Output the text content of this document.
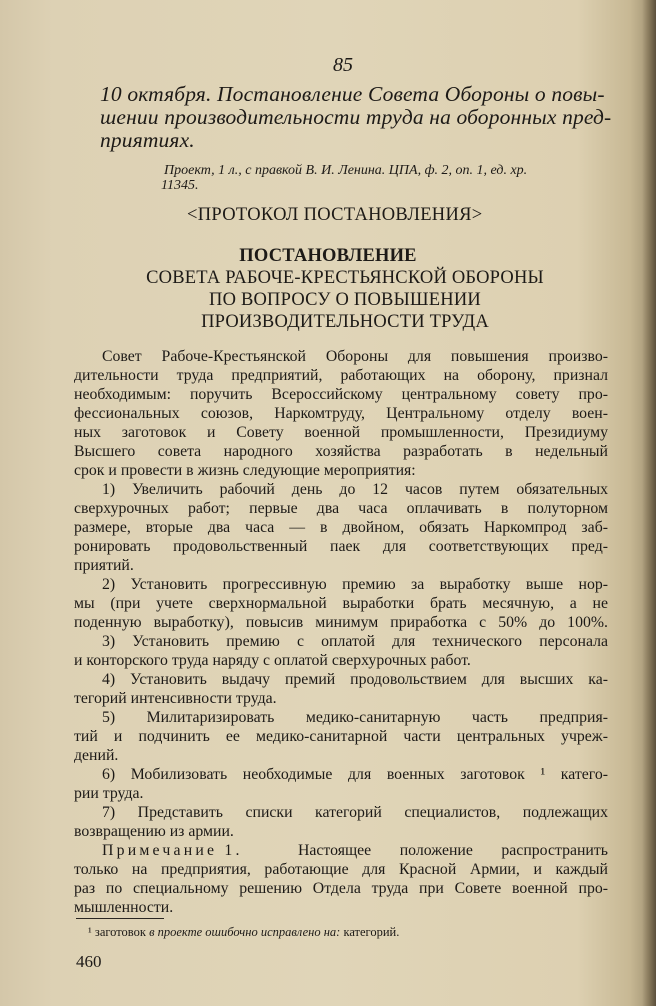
85
10 октября. Постановление Совета Обороны о повы-
шении производительности труда на оборонных пред-
приятиях.
Проект, 1 л., с правкой В. И. Ленина. ЦПА, ф. 2, оп. 1, ед. хр.
11345.
<ПРОТОКОЛ ПОСТАНОВЛЕНИЯ>
ПОСТАНОВЛЕНИЕ
СОВЕТА РАБОЧЕ-КРЕСТЬЯНСКОЙ ОБОРОНЫ
ПО ВОПРОСУ О ПОВЫШЕНИИ
ПРОИЗВОДИТЕЛЬНОСТИ ТРУДА
Совет Рабоче-Крестьянской Обороны для повышения произво-
дительности труда предприятий, работающих на оборону, признал
необходимым: поручить Всероссийскому центральному совету про-
фессиональных союзов, Наркомтруду, Центральному отделу воен-
ных заготовок и Совету военной промышленности, Президиуму
Высшего совета народного хозяйства разработать в недельный
срок и провести в жизнь следующие мероприятия:
1) Увеличить рабочий день до 12 часов путем обязательных
сверхурочных работ; первые два часа оплачивать в полуторном
размере, вторые два часа — в двойном, обязать Наркомпрод заб-
ронировать продовольственный паек для соответствующих пред-
приятий.
2) Установить прогрессивную премию за выработку выше нор-
мы (при учете сверхнормальной выработки брать месячную, а не
поденную выработку), повысив минимум приработка с 50% до 100%.
3) Установить премию с оплатой для технического персонала
и конторского труда наряду с оплатой сверхурочных работ.
4) Установить выдачу премий продовольствием для высших ка-
тегорий интенсивности труда.
5) Милитаризировать медико-санитарную часть предприя-
тий и подчинить ее медико-санитарной части центральных учреж-
дений.
6) Мобилизовать необходимые для военных заготовок ¹ катего-
рии труда.
7) Представить списки категорий специалистов, подлежащих
возвращению из армии.
Примечание 1.	Настоящее положение распространить
только на предприятия, работающие для Красной Армии, и каждый
раз по специальному решению Отдела труда при Совете военной про-
мышленности.
¹ заготовок в проекте ошибочно исправлено на: категорий.
460
